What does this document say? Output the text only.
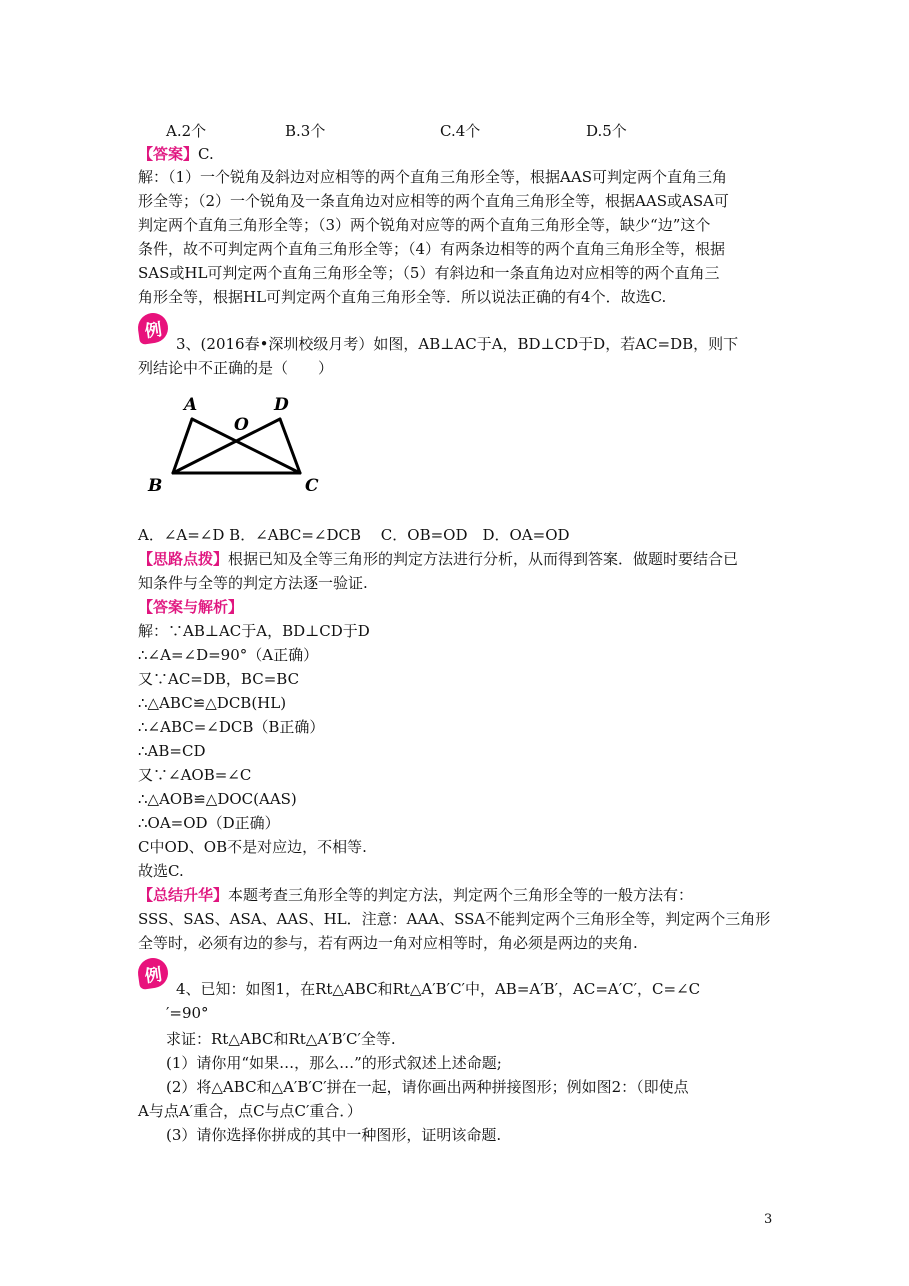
A.2个	B.3个	C.4个	D.5个
【答案】C.
解：（1）一个锐角及斜边对应相等的两个直角三角形全等，根据AAS可判定两个直角三角
形全等；（2）一个锐角及一条直角边对应相等的两个直角三角形全等，根据AAS或ASA可
判定两个直角三角形全等；（3）两个锐角对应等的两个直角三角形全等，缺少“边”这个
条件，故不可判定两个直角三角形全等；（4）有两条边相等的两个直角三角形全等，根据
SAS或HL可判定两个直角三角形全等；（5）有斜边和一条直角边对应相等的两个直角三
角形全等，根据HL可判定两个直角三角形全等．所以说法正确的有4个．故选C.
例
3、(2016春•深圳校级月考）如图，AB⊥AC于A，BD⊥CD于D，若AC=DB，则下
列结论中不正确的是（　　）
A	D
O
B	C
A．∠A=∠D B．∠ABC=∠DCB　 C．OB=OD　D．OA=OD
【思路点拨】根据已知及全等三角形的判定方法进行分析，从而得到答案．做题时要结合已
知条件与全等的判定方法逐一验证.
【答案与解析】
解：∵AB⊥AC于A，BD⊥CD于D
∴∠A=∠D=90°（A正确）
又∵AC=DB，BC=BC
∴△ABC≌△DCB(HL)
∴∠ABC=∠DCB（B正确）
∴AB=CD
又∵∠AOB=∠C
∴△AOB≌△DOC(AAS)
∴OA=OD（D正确）
C中OD、OB不是对应边，不相等.
故选C.
【总结升华】本题考查三角形全等的判定方法，判定两个三角形全等的一般方法有：
SSS、SAS、ASA、AAS、HL．注意：AAA、SSA不能判定两个三角形全等，判定两个三角形
全等时，必须有边的参与，若有两边一角对应相等时，角必须是两边的夹角.
例
4、已知：如图1，在Rt△ABC和Rt△A′B′C′中，AB=A′B′，AC=A′C′，C=∠C
′=90°
求证：Rt△ABC和Rt△A′B′C′全等.
(1）请你用“如果…，那么…”的形式叙述上述命题;
(2）将△ABC和△A′B′C′拼在一起，请你画出两种拼接图形；例如图2：（即使点
A与点A′重合，点C与点C′重合．）
(3）请你选择你拼成的其中一种图形，证明该命题.
3
